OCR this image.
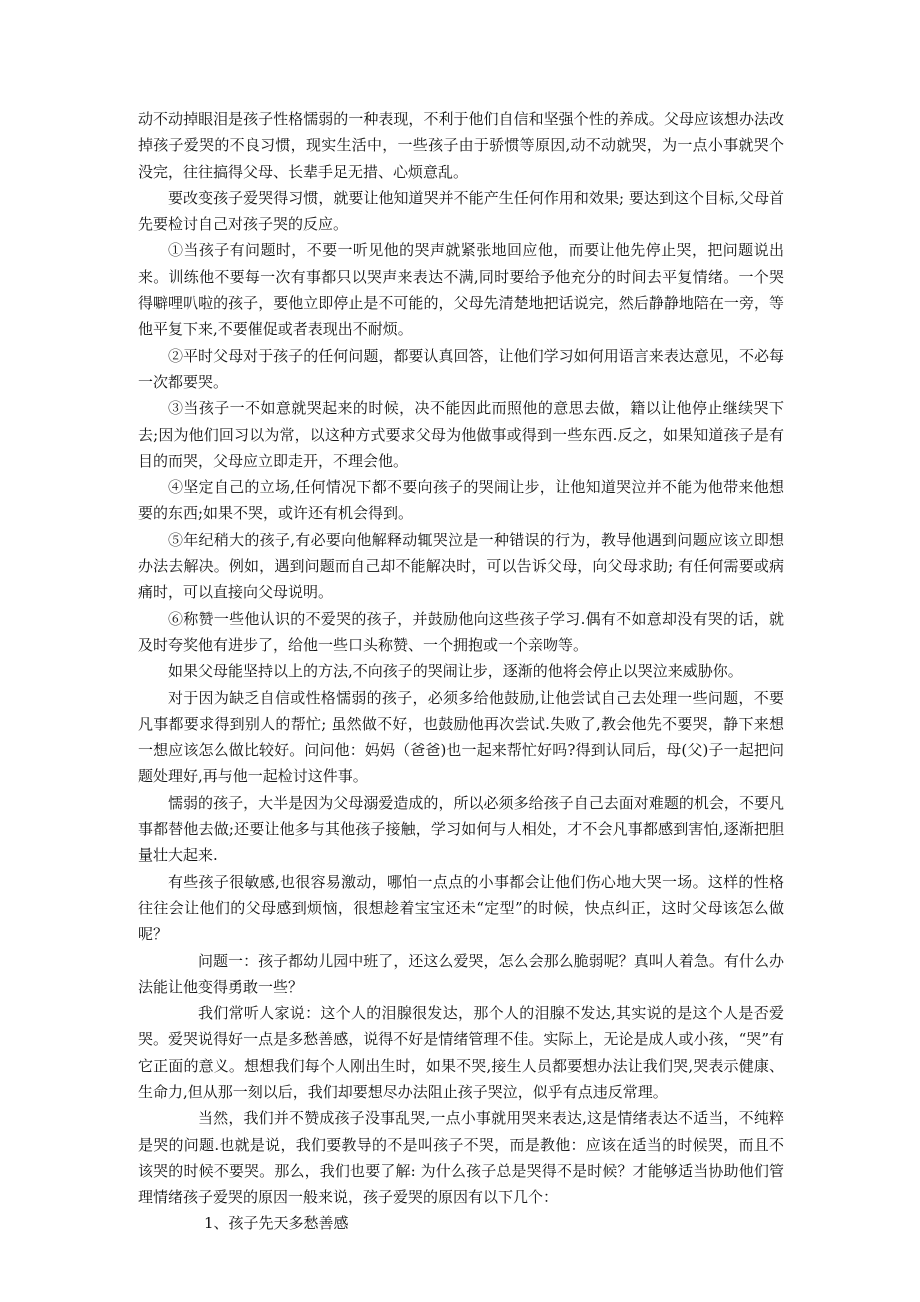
动不动掉眼泪是孩子性格懦弱的一种表现，不利于他们自信和坚强个性的养成。父母应该想办法改掉孩子爱哭的不良习惯，现实生活中，一些孩子由于骄惯等原因,动不动就哭，为一点小事就哭个没完，往往搞得父母、长辈手足无措、心烦意乱。

要改变孩子爱哭得习惯，就要让他知道哭并不能产生任何作用和效果; 要达到这个目标,父母首先要检讨自己对孩子哭的反应。

①当孩子有问题时，不要一听见他的哭声就紧张地回应他，而要让他先停止哭，把问题说出来。训练他不要每一次有事都只以哭声来表达不满,同时要给予他充分的时间去平复情绪。一个哭得噼哩叭啦的孩子，要他立即停止是不可能的，父母先清楚地把话说完，然后静静地陪在一旁，等他平复下来,不要催促或者表现出不耐烦。

②平时父母对于孩子的任何问题，都要认真回答，让他们学习如何用语言来表达意见，不必每一次都要哭。

③当孩子一不如意就哭起来的时候，决不能因此而照他的意思去做，籍以让他停止继续哭下去;因为他们回习以为常，以这种方式要求父母为他做事或得到一些东西.反之，如果知道孩子是有目的而哭，父母应立即走开，不理会他。

④坚定自己的立场,任何情况下都不要向孩子的哭闹让步，让他知道哭泣并不能为他带来他想要的东西;如果不哭，或许还有机会得到。

⑤年纪稍大的孩子,有必要向他解释动辄哭泣是一种错误的行为，教导他遇到问题应该立即想办法去解决。例如，遇到问题而自己却不能解决时，可以告诉父母，向父母求助; 有任何需要或病痛时，可以直接向父母说明。

⑥称赞一些他认识的不爱哭的孩子，并鼓励他向这些孩子学习.偶有不如意却没有哭的话，就及时夸奖他有进步了，给他一些口头称赞、一个拥抱或一个亲吻等。

如果父母能坚持以上的方法,不向孩子的哭闹让步，逐渐的他将会停止以哭泣来威胁你。

对于因为缺乏自信或性格懦弱的孩子，必须多给他鼓励,让他尝试自己去处理一些问题，不要凡事都要求得到别人的帮忙; 虽然做不好，也鼓励他再次尝试.失败了,教会他先不要哭，静下来想一想应该怎么做比较好。问问他：妈妈（爸爸)也一起来帮忙好吗?得到认同后，母(父)子一起把问题处理好,再与他一起检讨这件事。

懦弱的孩子，大半是因为父母溺爱造成的，所以必须多给孩子自己去面对难题的机会，不要凡事都替他去做;还要让他多与其他孩子接触，学习如何与人相处，才不会凡事都感到害怕,逐渐把胆量壮大起来.

有些孩子很敏感,也很容易激动，哪怕一点点的小事都会让他们伤心地大哭一场。这样的性格往往会让他们的父母感到烦恼，很想趁着宝宝还未“定型”的时候，快点纠正，这时父母该怎么做呢？

问题一：孩子都幼儿园中班了，还这么爱哭，怎么会那么脆弱呢？真叫人着急。有什么办法能让他变得勇敢一些？

我们常听人家说：这个人的泪腺很发达，那个人的泪腺不发达,其实说的是这个人是否爱哭。爱哭说得好一点是多愁善感，说得不好是情绪管理不佳。实际上，无论是成人或小孩，“哭”有它正面的意义。想想我们每个人刚出生时，如果不哭,接生人员都要想办法让我们哭,哭表示健康、生命力,但从那一刻以后，我们却要想尽办法阻止孩子哭泣，似乎有点违反常理。

当然，我们并不赞成孩子没事乱哭,一点小事就用哭来表达,这是情绪表达不适当，不纯粹是哭的问题.也就是说，我们要教导的不是叫孩子不哭，而是教他：应该在适当的时候哭，而且不该哭的时候不要哭。那么，我们也要了解: 为什么孩子总是哭得不是时候？才能够适当协助他们管理情绪孩子爱哭的原因一般来说，孩子爱哭的原因有以下几个：

1、孩子先天多愁善感
